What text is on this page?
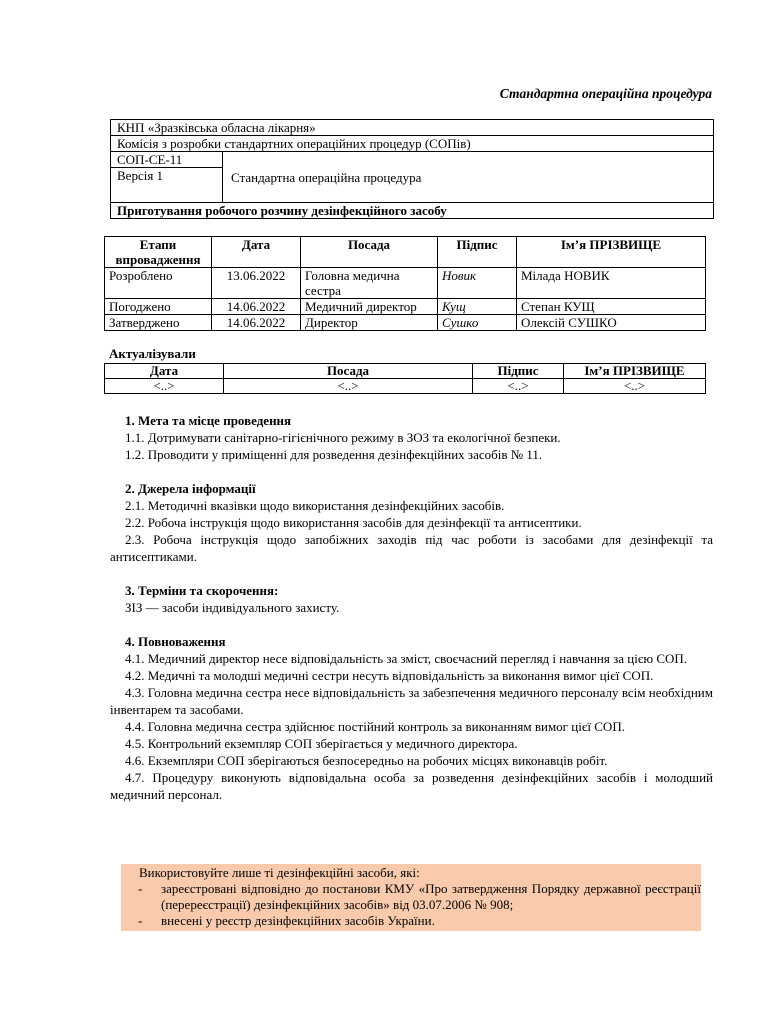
Стандартна операційна процедура
КНП «Зразківська обласна лікарня»
Комісія з розробки стандартних операційних процедур (СОПів)
СОП-СЕ-11	Стандартна операційна процедура
Версія 1
Приготування робочого розчину дезінфекційного засобу
Етапи впровадження	Дата	Посада	Підпис	Ім’я ПРІЗВИЩЕ
Розроблено	13.06.2022	Головна медична сестра	Новик	Мілада НОВИК
Погоджено	14.06.2022	Медичний директор	Кущ	Степан КУЩ
Затверджено	14.06.2022	Директор	Сушко	Олексій СУШКО
Актуалізували
Дата	Посада	Підпис	Ім’я ПРІЗВИЩЕ
<..>	<..>	<..>	<..>

1. Мета та місце проведення

1.1. Дотримувати санітарно-гігієнічного режиму в ЗОЗ та екологічної безпеки.

1.2. Проводити у приміщенні для розведення дезінфекційних засобів № 11.

2. Джерела інформації

2.1. Методичні вказівки щодо використання дезінфекційних засобів.

2.2. Робоча інструкція щодо використання засобів для дезінфекції та антисептики.

2.3. Робоча інструкція щодо запобіжних заходів під час роботи із засобами для дезінфекції та антисептиками.

3. Терміни та скорочення:

ЗІЗ — засоби індивідуального захисту.

4. Повноваження

4.1. Медичний директор несе відповідальність за зміст, своєчасний перегляд і навчання за цією СОП.

4.2. Медичні та молодші медичні сестри несуть відповідальність за виконання вимог цієї СОП.

4.3. Головна медична сестра несе відповідальність за забезпечення медичного персоналу всім необхідним інвентарем та засобами.

4.4. Головна медична сестра здійснює постійний контроль за виконанням вимог цієї СОП.

4.5. Контрольний екземпляр СОП зберігається у медичного директора.

4.6. Екземпляри СОП зберігаються безпосередньо на робочих місцях виконавців робіт.

4.7. Процедуру виконують відповідальна особа за розведення дезінфекційних засобів і молодший медичний персонал.

Використовуйте лише ті дезінфекційні засоби, які:
-	зареєстровані відповідно до постанови КМУ «Про затвердження Порядку державної реєстрації (перереєстрації) дезінфекційних засобів» від 03.07.2006 № 908;
-	внесені у реєстр дезінфекційних засобів України.
